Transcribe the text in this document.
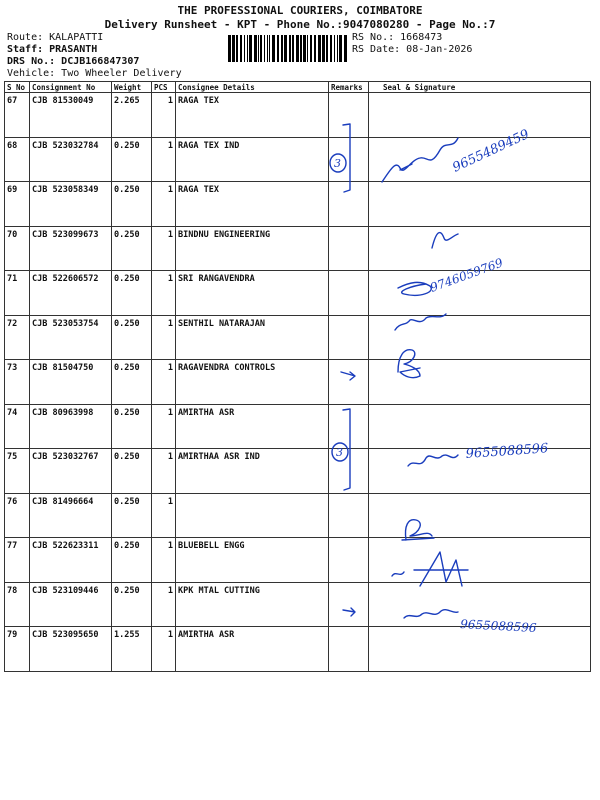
THE PROFESSIONAL COURIERS, COIMBATORE
Delivery Runsheet - KPT - Phone No.:9047080280 - Page No.:7
Route: KALAPATTI
Staff: PRASANTH
DRS No.: DCJB166847307
Vehicle: Two Wheeler Delivery
RS No.: 1668473
RS Date: 08-Jan-2026
S No	Consignment No	Weight	PCS	Consignee Details	Remarks	Seal & Signature
67	CJB 81530049	2.265	1	RAGA TEX		
68	CJB 523032784	0.250	1	RAGA TEX IND		
69	CJB 523058349	0.250	1	RAGA TEX		
70	CJB 523099673	0.250	1	BINDNU ENGINEERING		
71	CJB 522606572	0.250	1	SRI RANGAVENDRA		
72	CJB 523053754	0.250	1	SENTHIL NATARAJAN		
73	CJB 81504750	0.250	1	RAGAVENDRA CONTROLS		
74	CJB 80963998	0.250	1	AMIRTHA ASR		
75	CJB 523032767	0.250	1	AMIRTHAA ASR IND		
76	CJB 81496664	0.250	1			
77	CJB 522623311	0.250	1	BLUEBELL ENGG		
78	CJB 523109446	0.250	1	KPK MTAL CUTTING		
79	CJB 523095650	1.255	1	AMIRTHA ASR		
3
3
9655489459
9746059769
9655088596
9655088596
